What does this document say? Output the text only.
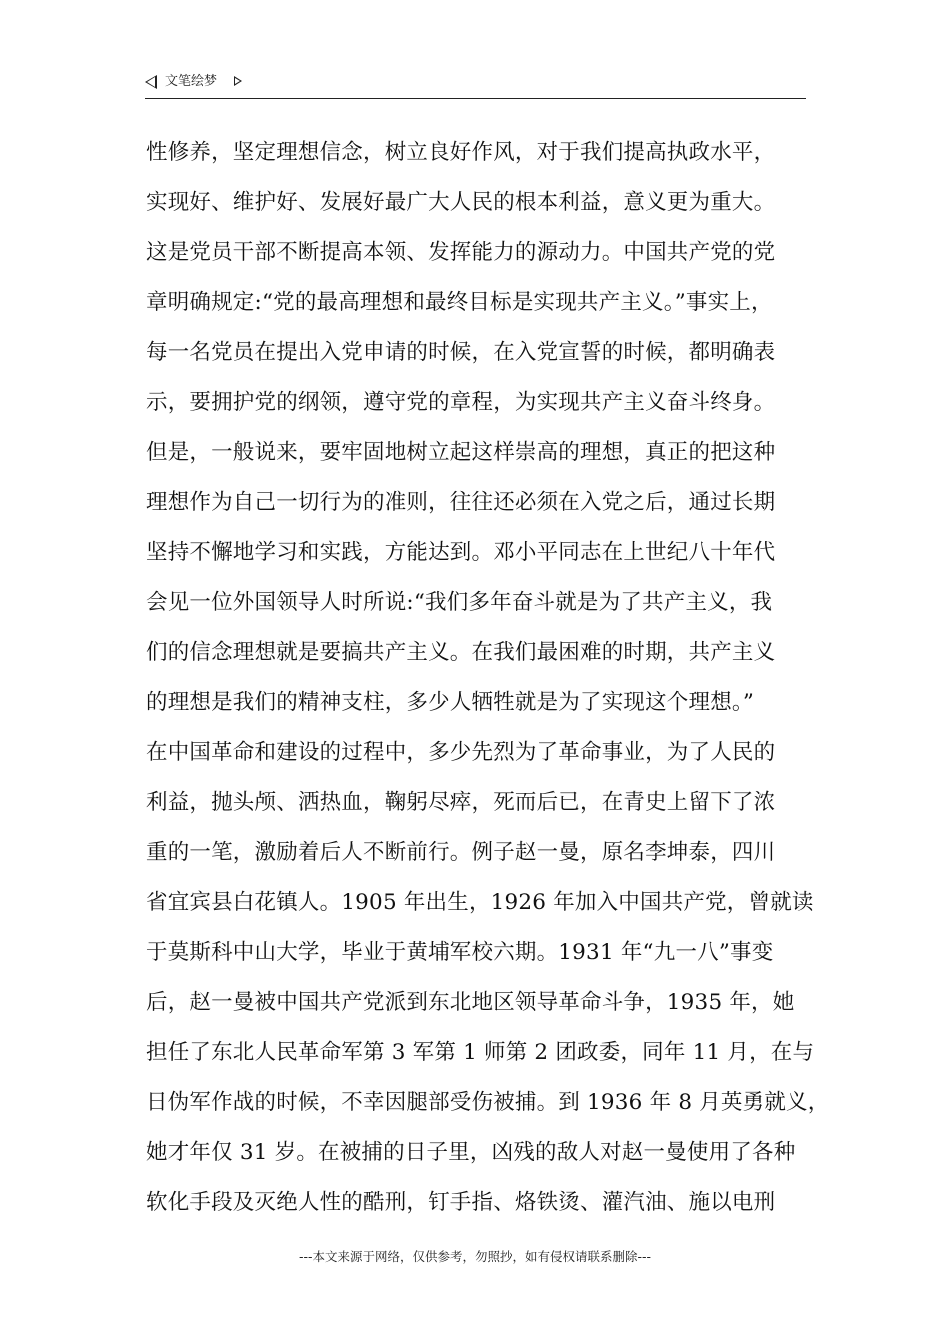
文笔绘梦
性修养，坚定理想信念，树立良好作风，对于我们提高执政水平，
实现好、维护好、发展好最广大人民的根本利益，意义更为重大。
这是党员干部不断提高本领、发挥能力的源动力。中国共产党的党
章明确规定:“党的最高理想和最终目标是实现共产主义。”事实上，
每一名党员在提出入党申请的时候，在入党宣誓的时候，都明确表
示，要拥护党的纲领，遵守党的章程，为实现共产主义奋斗终身。
但是，一般说来，要牢固地树立起这样崇高的理想，真正的把这种
理想作为自己一切行为的准则，往往还必须在入党之后，通过长期
坚持不懈地学习和实践，方能达到。邓小平同志在上世纪八十年代
会见一位外国领导人时所说:“我们多年奋斗就是为了共产主义，我
们的信念理想就是要搞共产主义。在我们最困难的时期，共产主义
的理想是我们的精神支柱，多少人牺牲就是为了实现这个理想。”
在中国革命和建设的过程中，多少先烈为了革命事业，为了人民的
利益，抛头颅、洒热血，鞠躬尽瘁，死而后已，在青史上留下了浓
重的一笔，激励着后人不断前行。例子赵一曼，原名李坤泰，四川
省宜宾县白花镇人。1905 年出生，1926 年加入中国共产党，曾就读
于莫斯科中山大学，毕业于黄埔军校六期。1931 年“九一八”事变
后，赵一曼被中国共产党派到东北地区领导革命斗争，1935 年，她
担任了东北人民革命军第 3 军第 1 师第 2 团政委，同年 11 月，在与
日伪军作战的时候，不幸因腿部受伤被捕。到 1936 年 8 月英勇就义，
她才年仅 31 岁。在被捕的日子里，凶残的敌人对赵一曼使用了各种
软化手段及灭绝人性的酷刑，钉手指、烙铁烫、灌汽油、施以电刑
---本文来源于网络，仅供参考，勿照抄，如有侵权请联系删除---
